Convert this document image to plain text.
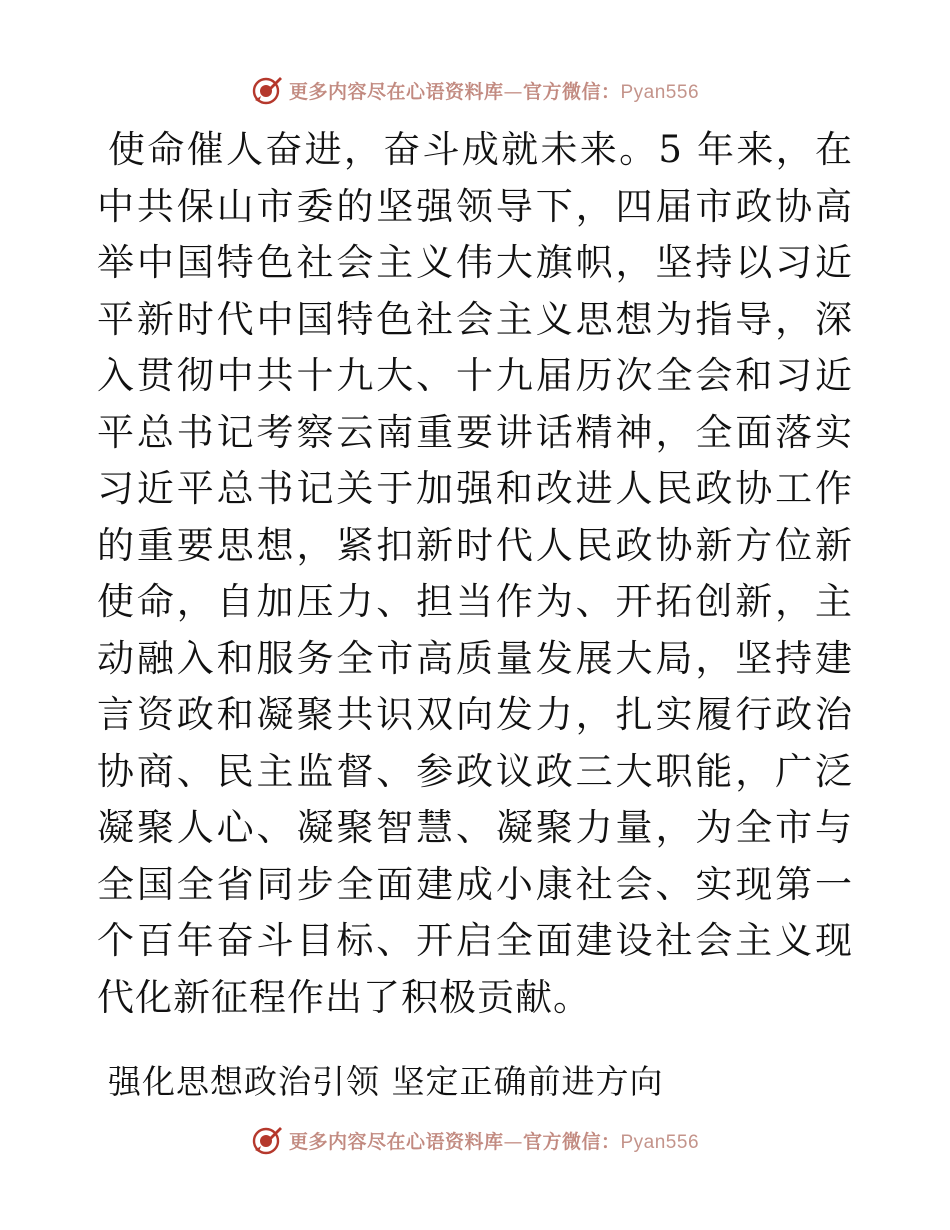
更多内容尽在心语资料库—官方微信：Pyan556

使命催人奋进，奋斗成就未来。5 年来，在中共保山市委的坚强领导下，四届市政协高举中国特色社会主义伟大旗帜，坚持以习近平新时代中国特色社会主义思想为指导，深入贯彻中共十九大、十九届历次全会和习近平总书记考察云南重要讲话精神，全面落实习近平总书记关于加强和改进人民政协工作的重要思想，紧扣新时代人民政协新方位新使命，自加压力、担当作为、开拓创新，主动融入和服务全市高质量发展大局，坚持建言资政和凝聚共识双向发力，扎实履行政治协商、民主监督、参政议政三大职能，广泛凝聚人心、凝聚智慧、凝聚力量，为全市与全国全省同步全面建成小康社会、实现第一个百年奋斗目标、开启全面建设社会主义现代化新征程作出了积极贡献。

强化思想政治引领 坚定正确前进方向

更多内容尽在心语资料库—官方微信：Pyan556
